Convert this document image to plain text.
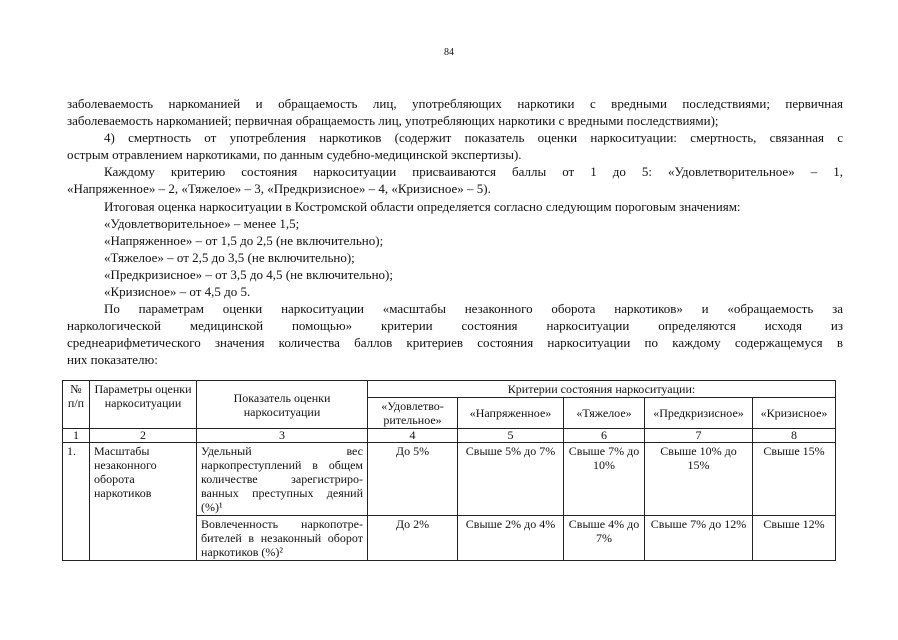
84

заболеваемость наркоманией и обращаемость лиц, употребляющих наркотики с вредными последствиями; первичная

заболеваемость наркоманией; первичная обращаемость лиц, употребляющих наркотики с вредными последствиями);

4) смертность от употребления наркотиков (содержит показатель оценки наркоситуации: смертность, связанная с

острым отравлением наркотиками, по данным судебно-медицинской экспертизы).

Каждому критерию состояния наркоситуации присваиваются баллы от 1 до 5: «Удовлетворительное» – 1,

«Напряженное» – 2, «Тяжелое» – 3, «Предкризисное» – 4, «Кризисное» – 5).

Итоговая оценка наркоситуации в Костромской области определяется согласно следующим пороговым значениям:

«Удовлетворительное» – менее 1,5;

«Напряженное» – от 1,5 до 2,5 (не включительно);

«Тяжелое» – от 2,5 до 3,5 (не включительно);

«Предкризисное» – от 3,5 до 4,5 (не включительно);

«Кризисное» – от 4,5 до 5.

По параметрам оценки наркоситуации «масштабы незаконного оборота наркотиков» и «обращаемость за

наркологической медицинской помощью» критерии состояния наркоситуации определяются исходя из

среднеарифметического значения количества баллов критериев состояния наркоситуации по каждому содержащемуся в

них показателю:

№ п/п	Параметры оценки наркоситуации	Показатель оценки наркоситуации	Критерии состояния наркоситуации:				
			«Удовлетво-рительное»	«Напряженное»	«Тяжелое»	«Предкризисное»	«Кризисное»
1	2	3	4	5	6	7	8
1.	Масштабы незаконного оборота наркотиков	Удельный вес наркопреступлений в общем количестве зарегистриро-ванных преступных деяний (%)¹	До 5%	Свыше 5% до 7%	Свыше 7% до 10%	Свыше 10% до 15%	Свыше 15%
		Вовлеченность наркопотре-бителей в незаконный оборот наркотиков (%)²	До 2%	Свыше 2% до 4%	Свыше 4% до 7%	Свыше 7% до 12%	Свыше 12%
